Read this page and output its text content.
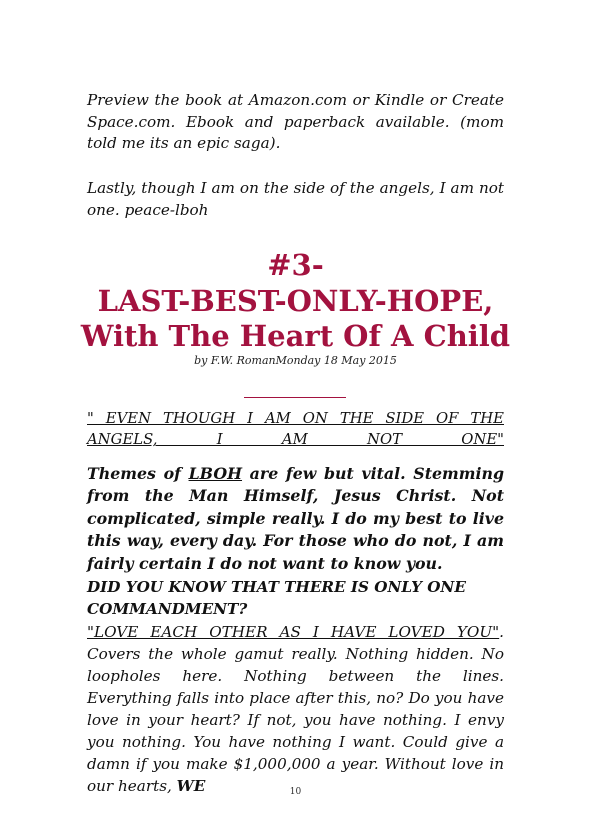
Preview the book at Amazon.com or Kindle or Create Space.com. Ebook and paperback available. (mom told me its an epic saga).
Lastly, though I am on the side of the angels, I am not one. peace-lboh
#3-
LAST-BEST-ONLY-HOPE,
With The Heart Of A Child
by F.W. RomanMonday 18 May 2015
" EVEN THOUGH I AM ON THE SIDE OF THE ANGELS, I AM NOT ONE"
Themes of LBOH are few but vital. Stemming from the Man Himself, Jesus Christ. Not complicated, simple really. I do my best to live this way, every day. For those who do not, I am fairly certain I do not want to know you.
DID YOU KNOW THAT THERE IS ONLY ONE COMMANDMENT?
"LOVE EACH OTHER AS I HAVE LOVED YOU". Covers the whole gamut really. Nothing hidden. No loopholes here. Nothing between the lines. Everything falls into place after this, no? Do you have love in your heart? If not, you have nothing. I envy you nothing. You have nothing I want. Could give a damn if you make $1,000,000 a year. Without love in our hearts, WE	10
